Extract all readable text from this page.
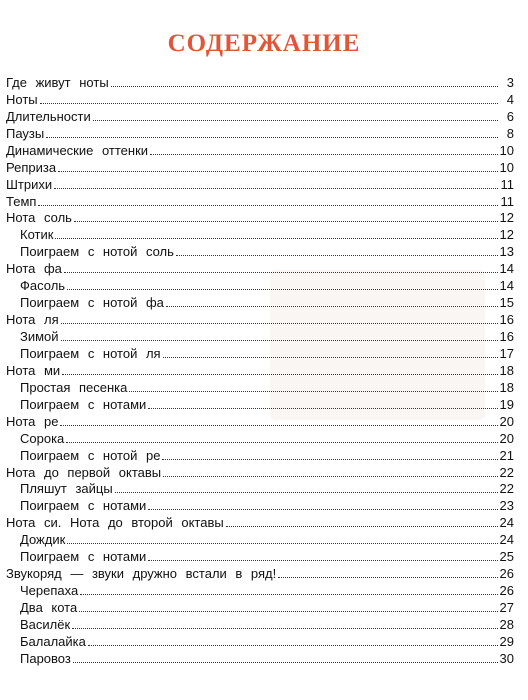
СОДЕРЖАНИЕ
Где живут ноты	3
Ноты	4
Длительности	6
Паузы	8
Динамические оттенки	10
Реприза	10
Штрихи	11
Темп	11
Нота соль	12
Котик	12
Поиграем с нотой соль	13
Нота фа	14
Фасоль	14
Поиграем с нотой фа	15
Нота ля	16
Зимой	16
Поиграем с нотой ля	17
Нота ми	18
Простая песенка	18
Поиграем с нотами	19
Нота ре	20
Сорока	20
Поиграем с нотой ре	21
Нота до первой октавы	22
Пляшут зайцы	22
Поиграем с нотами	23
Нота си. Нота до второй октавы	24
Дождик	24
Поиграем с нотами	25
Звукоряд — звуки дружно встали в ряд!	26
Черепаха	26
Два кота	27
Василёк	28
Балалайка	29
Паровоз	30
